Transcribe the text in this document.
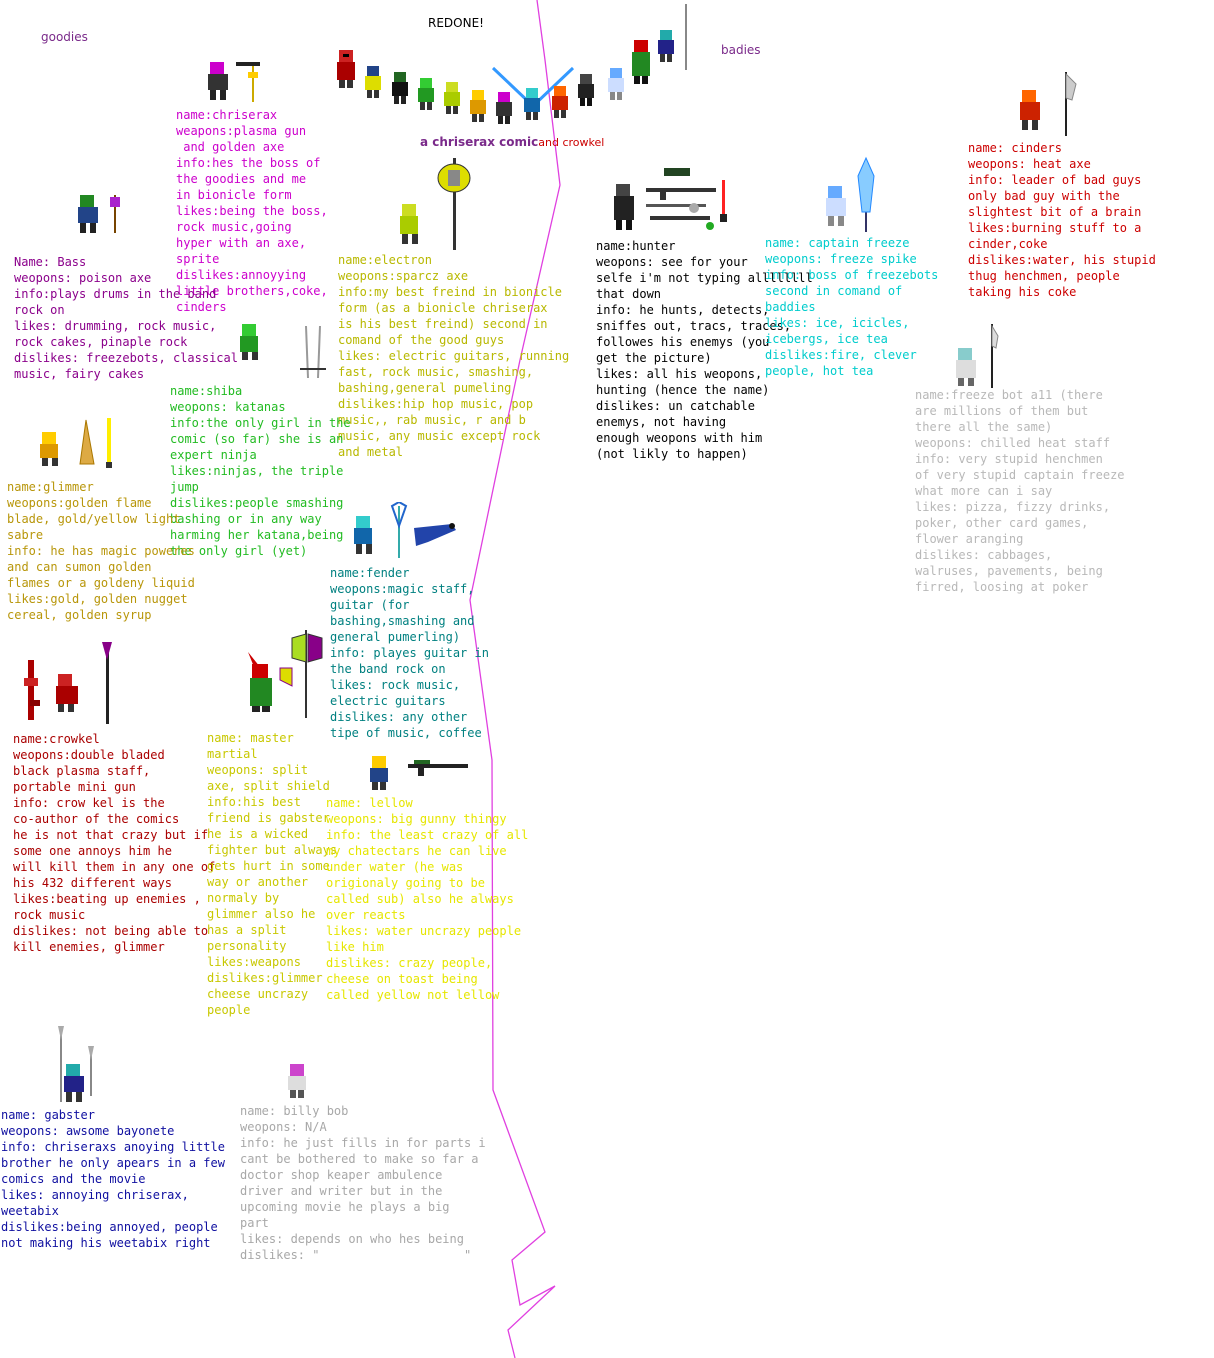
goodies
REDONE!
badies
a chriserax comicand crowkel
name:chriserax
weapons:plasma gun
and golden axe
info:hes the boss of
the goodies and me
in bionicle form
likes:being the boss,
rock music,going
hyper with an axe,
sprite
dislikes:annoyying
little brothers,coke,
cinders
Name: Bass
weopons: poison axe
info:plays drums in the band
rock on
likes: drumming, rock music,
rock cakes, pinaple rock
dislikes: freezebots, classical
music, fairy cakes
name:electron
weopons:sparcz axe
info:my best freind in bionicle
form (as a bionicle chriserax
is his best freind) second in
comand of the good guys
likes: electric guitars, running
fast, rock music, smashing,
bashing,general pumeling
dislikes:hip hop music, pop
music,, rab music, r and b
music, any music except rock
and metal
name:shiba
weopons: katanas
info:the only girl in the
comic (so far) she is an
expert ninja
likes:ninjas, the triple
jump
dislikes:people smashing
bashing or in any way
harming her katana,being
the only girl (yet)
name:glimmer
weopons:golden flame
blade, gold/yellow light
sabre
info: he has magic poweres
and can sumon golden
flames or a goldeny liquid
likes:gold, golden nugget
cereal, golden syrup
name:fender
weopons:magic staff,
guitar (for
bashing,smashing and
general pumerling)
info: playes guitar in
the band rock on
likes: rock music,
electric guitars
dislikes: any other
tipe of music, coffee
name:crowkel
weopons:double bladed
black plasma staff,
portable mini gun
info: crow kel is the
co-author of the comics
he is not that crazy but if
some one annoys him he
will kill them in any one of
his 432 different ways
likes:beating up enemies ,
rock music
dislikes: not being able to
kill enemies, glimmer
name: master
martial
weopons: split
axe, split shield
info:his best
friend is gabster
he is a wicked
fighter but always
gets hurt in some
way or another
normaly by
glimmer also he
has a split
personality
likes:weapons
dislikes:glimmer
cheese uncrazy
people
name: lellow
weopons: big gunny thingy
info: the least crazy of all
my chatectars he can live
under water (he was
origionaly going to be
called sub) also he always
over reacts
likes: water uncrazy people
like him
dislikes: crazy people,
cheese on toast being
called yellow not lellow
name: gabster
weopons: awsome bayonete
info: chriseraxs anoying little
brother he only apears in a few
comics and the movie
likes: annoying chriserax,
weetabix
dislikes:being annoyed, people
not making his weetabix right
name: billy bob
weopons: N/A
info: he just fills in for parts i
cant be bothered to make so far a
doctor shop keaper ambulence
driver and writer but in the
upcoming movie he plays a big
part
likes: depends on who hes being
dislikes: "                    "
name:hunter
weopons: see for your
selfe i'm not typing allllllll
that down
info: he hunts, detects,
sniffes out, tracs, traces,
followes his enemys (you
get the picture)
likes: all his weopons,
hunting (hence the name)
dislikes: un catchable
enemys, not having
enough weopons with him
(not likly to happen)
name: captain freeze
weopons: freeze spike
info: boss of freezebots
second in comand of
baddies
likes: ice, icicles,
icebergs, ice tea
dislikes:fire, clever
people, hot tea
name: cinders
weopons: heat axe
info: leader of bad guys
only bad guy with the
slightest bit of a brain
likes:burning stuff to a
cinder,coke
dislikes:water, his stupid
thug henchmen, people
taking his coke
name:freeze bot a11 (there
are millions of them but
there all the same)
weopons: chilled heat staff
info: very stupid henchmen
of very stupid captain freeze
what more can i say
likes: pizza, fizzy drinks,
poker, other card games,
flower aranging
dislikes: cabbages,
walruses, pavements, being
firred, loosing at poker
